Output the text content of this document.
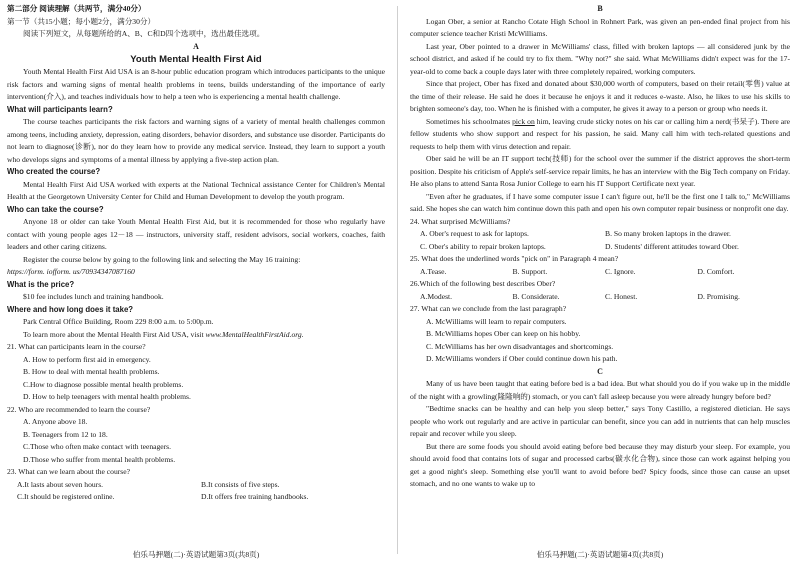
第二部分 阅读理解（共两节，满分40分）

第一节（共15小题；每小题2分，满分30分）

阅读下列短文，从每题所给的A、B、C和D四个选项中，选出最佳选项。

A

Youth Mental Health First Aid

Youth Mental Health First Aid USA is an 8-hour public education program which introduces participants to the unique risk factors and warning signs of mental health problems in teens, builds understanding of the importance of early intervention(介入), and teaches individuals how to help a teen who is experiencing a mental health challenge.

What will participants learn?

The course teaches participants the risk factors and warning signs of a variety of mental health challenges common among teens, including anxiety, depression, eating disorders, behavior disorders, and substance use disorder. Participants do not learn to diagnose(诊断), nor do they learn how to provide any medical service. Instead, they learn to support a youth who develops signs and symptoms of a mental illness by applying a five-step action plan.

Who created the course?

Mental Health First Aid USA worked with experts at the National Technical assistance Center for Children's Mental Health at the Georgetown University Center for Child and Human Development to develop the youth program.

Who can take the course?

Anyone 18 or older can take Youth Mental Health First Aid, but it is recommended for those who regularly have contact with young people ages 12－18 — instructors, university staff, resident advisors, social workers, coaches, faith leaders and other caring citizens.

Register the course below by going to the following link and selecting the May 16 training:

https://form. iofform. us/70934347087160

What is the price?

$10 fee includes lunch and training handbook.

Where and how long does it take?

Park Central Office Building, Room 229 8:00 a.m. to 5:00p.m.

To learn more about the Mental Health First Aid USA, visit www.MentalHealthFirstAid.org.

21. What can participants learn in the course?

A. How to perform first aid in emergency.

B. How to deal with mental health problems.

C.How to diagnose possible mental health problems.

D. How to help teenagers with mental health problems.

22. Who are recommended to learn the course?

A. Anyone above 18.

B. Teenagers from 12 to 18.

C.Those who often make contact with teenagers.

D.Those who suffer from mental health problems.

23. What can we learn about the course?

A.It lasts about seven hours.	B.It consists of five steps.
C.It should be registered online.	D.It offers free training handbooks.

B

Logan Ober, a senior at Rancho Cotate High School in Rohnert Park, was given an pen-ended final project from his computer science teacher Kristi McWilliams.

Last year, Ober pointed to a drawer in McWilliams' class, filled with broken laptops — all considered junk by the school district, and asked if he could try to fix them. "Why not?" she said. What McWilliams didn't expect was for the 17-year-old to come back a couple days later with three completely repaired, working computers.

Since that project, Ober has fixed and donated about $30,000 worth of computers, based on their retail(零售) value at the time of their release. He said he does it because he enjoys it and it reduces e-waste. Also, he likes to use his skills to brighten someone's day, too. When he is finished with a computer, he gives it away to a person or group who needs it.

Sometimes his schoolmates pick on him, leaving crude sticky notes on his car or calling him a nerd(书呆子). There are fellow students who show support and respect for his passion, he said. Many call him with tech-related questions and requests to help them with virus detection and repair.

Ober said he will be an IT support tech(技师) for the school over the summer if the district approves the short-term position. Despite his criticism of Apple's self-service repair limits, he has an interview with the Big Tech company on Friday. He also plans to attend Santa Rosa Junior College to earn his IT Support Certificate next year.

"Even after he graduates, if I have some computer issue I can't figure out, he'll be the first one I talk to," McWilliams said. She hopes she can watch him continue down this path and open his own computer repair business or nonprofit one day.

24. What surprised McWilliams?

A. Ober's request to ask for laptops.	B. So many broken laptops in the drawer.
C. Ober's ability to repair broken laptops.	D. Students' different attitudes toward Ober.

25. What does the underlined words "pick on" in Paragraph 4 mean?

A.Tease.	B. Support.	C. Ignore.	D. Comfort.

26.Which of the following best describes Ober?

A.Modest.	B. Considerate.	C. Honest.	D. Promising.

27. What can we conclude from the last paragraph?

A. McWilliams will learn to repair computers.

B. McWilliams hopes Ober can keep on his hobby.

C. McWilliams has her own disadvantages and shortcomings.

D. McWilliams wonders if Ober could continue down his path.

C

Many of us have been taught that eating before bed is a bad idea. But what should you do if you wake up in the middle of the night with a growling(隆隆响的) stomach, or you can't fall asleep because you were already hungry before bed?

"Bedtime snacks can be healthy and can help you sleep better," says Tony Castillo, a registered dietician. He says people who work out regularly and are active in particular can benefit, since you can add in nutrients that can help muscles repair and recover while you sleep.

But there are some foods you should avoid eating before bed because they may disturb your sleep. For example, you should avoid food that contains lots of sugar and processed carbs(碳水化合物), since those can work against helping you get a good night's sleep. Something else you'll want to avoid before bed? Spicy foods, since those can cause an upset stomach, and no one wants to wake up to

伯乐马押题(二)·英语试题第3页(共8页)	伯乐马押题(二)·英语试题第4页(共8页)
